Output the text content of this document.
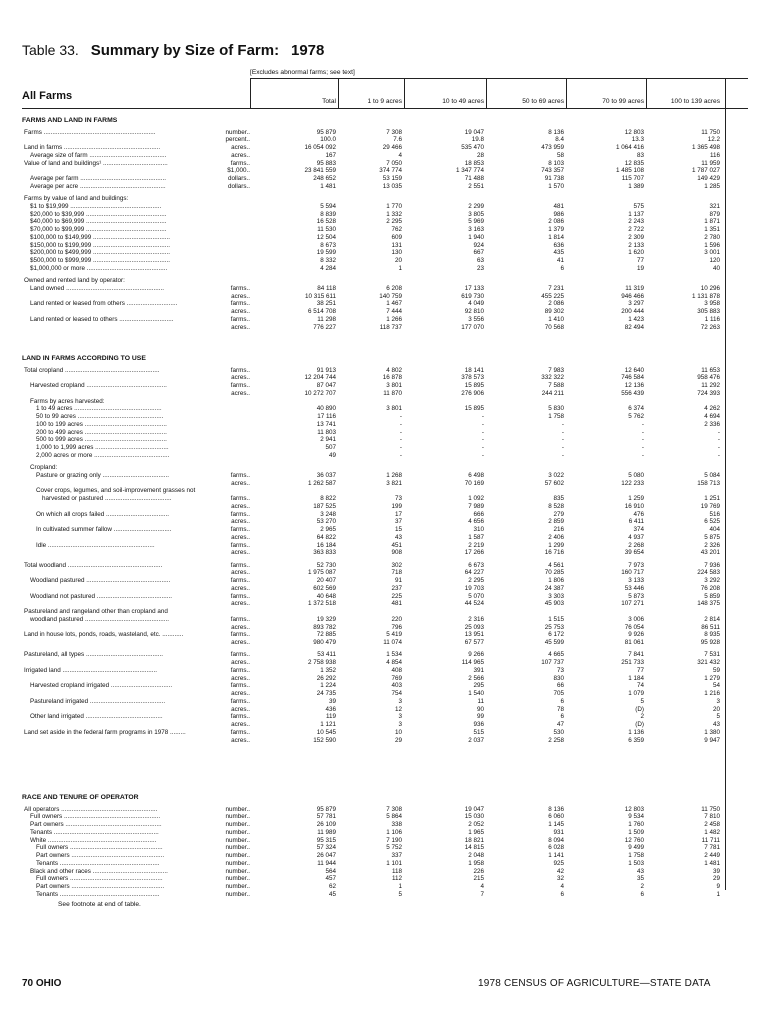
Table 33. Summary by Size of Farm: 1978
[Excludes abnormal farms; see text]
All Farms	Total	1 to 9 acres	10 to 49 acres	50 to 69 acres	70 to 99 acres	100 to 139 acres
FARMS AND LAND IN FARMS
Farms ................................................................	number..	95 879	7 308	19 047	8 136	12 803	11 750
percent..	100.0	7.6	19.8	8.4	13.3	12.2
Land in farms .......................................................	acres..	16 054 092	29 466	535 470	473 959	1 064 416	1 365 498
Average size of farm ............................................	acres..	167	4	28	58	83	116
Value of land and buildings¹ .....................................	farms..	95 883	7 050	18 853	8 103	12 835	11 959
$1,000..	23 841 559	374 774	1 347 774	743 357	1 485 108	1 787 027
Average per farm .................................................	dollars..	248 652	53 159	71 488	91 738	115 707	149 429
Average per acre .................................................	dollars..	1 481	13 035	2 551	1 570	1 389	1 285
Farms by value of land and buildings:
$1 to $19,999 ....................................................	5 594	1 770	2 299	481	575	321
$20,000 to $39,999 ..............................................	8 839	1 332	3 805	986	1 137	879
$40,000 to $69,999 ..............................................	16 528	2 295	5 969	2 086	2 243	1 871
$70,000 to $99,999 ..............................................	11 530	762	3 163	1 379	2 722	1 351
$100,000 to $149,999 ............................................	12 504	609	1 940	1 814	2 309	2 780
$150,000 to $199,999 ............................................	8 673	131	924	636	2 133	1 596
$200,000 to $499,999 ............................................	19 599	130	667	435	1 620	3 001
$500,000 to $999,999 ............................................	8 332	20	63	41	77	120
$1,000,000 or more ..............................................	4 284	1	23	6	19	40
Owned and rented land by operator:
Land owned ........................................................	farms..	84 118	6 208	17 133	7 231	11 319	10 296
acres..	10 315 611	140 759	619 730	455 225	946 466	1 131 878
Land rented or leased from others .............................	farms..	38 251	1 467	4 049	2 086	3 297	3 958
acres..	6 514 708	7 444	92 810	89 302	200 444	305 883
Land rented or leased to others ...............................	farms..	11 298	1 266	3 556	1 410	1 423	1 116
acres..	776 227	118 737	177 070	70 568	82 494	72 263
LAND IN FARMS ACCORDING TO USE
Total cropland ......................................................	farms..	91 913	4 802	18 141	7 983	12 640	11 653
acres..	12 204 744	16 878	378 573	332 322	746 584	958 476
Harvested cropland ..............................................	farms..	87 047	3 801	15 895	7 588	12 136	11 292
acres..	10 272 707	11 870	276 906	244 211	556 439	724 393
Farms by acres harvested:
1 to 49 acres ..................................................	40 890	3 801	15 895	5 830	6 374	4 262
50 to 99 acres .................................................	17 116	-	-	1 758	5 762	4 694
100 to 199 acres ...............................................	13 741	-	-	-	-	2 336
200 to 499 acres ...............................................	11 803	-	-	-	-	-
500 to 999 acres ...............................................	2 941	-	-	-	-	-
1,000 to 1,999 acres ..........................................	507	-	-	-	-	-
2,000 acres or more ...........................................	49	-	-	-	-	-
Cropland:
Pasture or grazing only ......................................	farms..	36 037	1 268	6 498	3 022	5 080	5 084
acres..	1 262 587	3 821	70 169	57 602	122 233	158 713
Cover crops, legumes, and soil-improvement grasses not
harvested or pastured ......................................	farms..	8 822	73	1 092	835	1 259	1 251
acres..	187 525	199	7 989	8 528	16 910	19 769
On which all crops failed ....................................	farms..	3 248	17	666	279	476	516
acres..	53 270	37	4 656	2 859	6 411	6 525
In cultivated summer fallow .................................	farms..	2 965	15	310	216	374	404
acres..	64 822	43	1 587	2 406	4 937	5 875
Idle .............................................................	farms..	16 184	451	2 219	1 299	2 268	2 326
acres..	363 833	908	17 266	16 716	39 654	43 201
Total woodland ......................................................	farms..	52 730	302	6 673	4 561	7 973	7 936
acres..	1 975 087	718	64 227	70 285	160 717	224 583
Woodland pastured ................................................	farms..	20 407	91	2 295	1 806	3 133	3 292
acres..	602 569	237	19 703	24 387	53 446	76 208
Woodland not pastured ...........................................	farms..	40 648	225	5 070	3 303	5 873	5 859
acres..	1 372 518	481	44 524	45 903	107 271	148 375
Pastureland and rangeland other than cropland and
woodland pastured ................................................	farms..	19 329	220	2 316	1 515	3 006	2 814
acres..	893 782	796	25 093	25 753	76 054	86 511
Land in house lots, ponds, roads, wasteland, etc. ............	farms..	72 885	5 419	13 951	6 172	9 926	8 935
acres..	980 479	11 074	67 577	45 599	81 061	95 928
Pastureland, all types ............................................	farms..	53 411	1 534	9 266	4 665	7 841	7 531
acres..	2 758 938	4 854	114 965	107 737	251 733	321 432
Irrigated land ......................................................	farms..	1 352	408	391	73	77	59
acres..	26 292	769	2 566	830	1 184	1 279
Harvested cropland irrigated ...................................	farms..	1 224	403	295	66	74	54
acres..	24 735	754	1 540	705	1 079	1 216
Pastureland irrigated ...........................................	farms..	39	3	11	6	5	3
acres..	436	12	90	78	(D)	20
Other land irrigated ............................................	farms..	119	3	99	6	2	5
acres..	1 121	3	936	47	(D)	43
Land set aside in the federal farm programs in 1978 .........	farms..	10 545	10	515	530	1 136	1 380
acres..	152 590	29	2 037	2 258	6 359	9 947
RACE AND TENURE OF OPERATOR
All operators .......................................................	number..	95 879	7 308	19 047	8 136	12 803	11 750
Full owners .......................................................	number..	57 781	5 864	15 030	6 060	9 534	7 810
Part owners .......................................................	number..	26 109	338	2 052	1 145	1 760	2 458
Tenants ............................................................	number..	11 989	1 106	1 965	931	1 509	1 482
White ..............................................................	number..	95 315	7 190	18 821	8 094	12 760	11 711
Full owners .....................................................	number..	57 324	5 752	14 815	6 028	9 499	7 781
Part owners .....................................................	number..	26 047	337	2 048	1 141	1 758	2 449
Tenants .........................................................	number..	11 944	1 101	1 958	925	1 503	1 481
Black and other races ...........................................	number..	564	118	226	42	43	39
Full owners .....................................................	number..	457	112	215	32	35	29
Part owners .....................................................	number..	62	1	4	4	2	9
Tenants .........................................................	number..	45	5	7	6	6	1
See footnote at end of table.
70 OHIO	1978 CENSUS OF AGRICULTURE—STATE DATA
